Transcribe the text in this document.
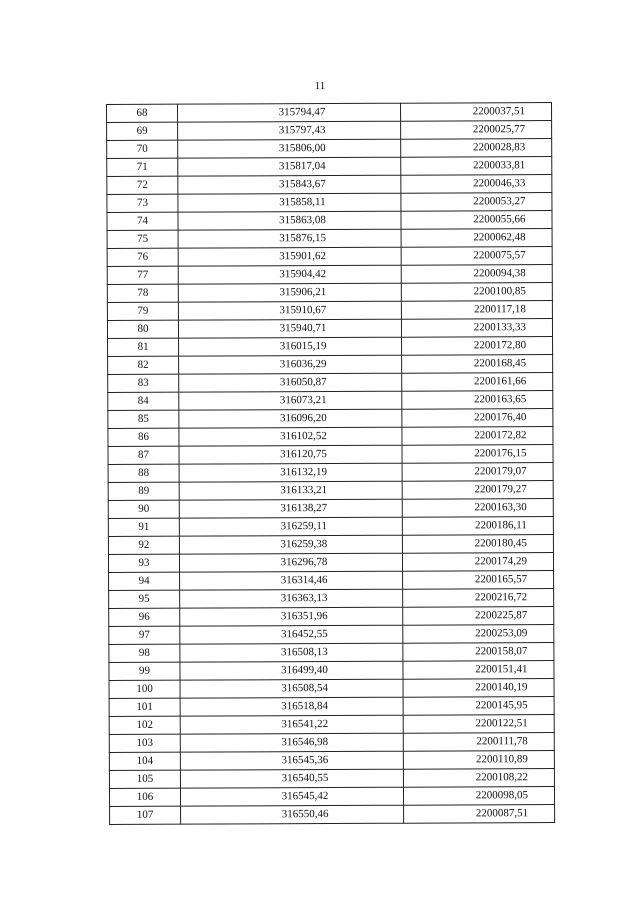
11
68	315794,47	2200037,51
69	315797,43	2200025,77
70	315806,00	2200028,83
71	315817,04	2200033,81
72	315843,67	2200046,33
73	315858,11	2200053,27
74	315863,08	2200055,66
75	315876,15	2200062,48
76	315901,62	2200075,57
77	315904,42	2200094,38
78	315906,21	2200100,85
79	315910,67	2200117,18
80	315940,71	2200133,33
81	316015,19	2200172,80
82	316036,29	2200168,45
83	316050,87	2200161,66
84	316073,21	2200163,65
85	316096,20	2200176,40
86	316102,52	2200172,82
87	316120,75	2200176,15
88	316132,19	2200179,07
89	316133,21	2200179,27
90	316138,27	2200163,30
91	316259,11	2200186,11
92	316259,38	2200180,45
93	316296,78	2200174,29
94	316314,46	2200165,57
95	316363,13	2200216,72
96	316351,96	2200225,87
97	316452,55	2200253,09
98	316508,13	2200158,07
99	316499,40	2200151,41
100	316508,54	2200140,19
101	316518,84	2200145,95
102	316541,22	2200122,51
103	316546,98	2200111,78
104	316545,36	2200110,89
105	316540,55	2200108,22
106	316545,42	2200098,05
107	316550,46	2200087,51
